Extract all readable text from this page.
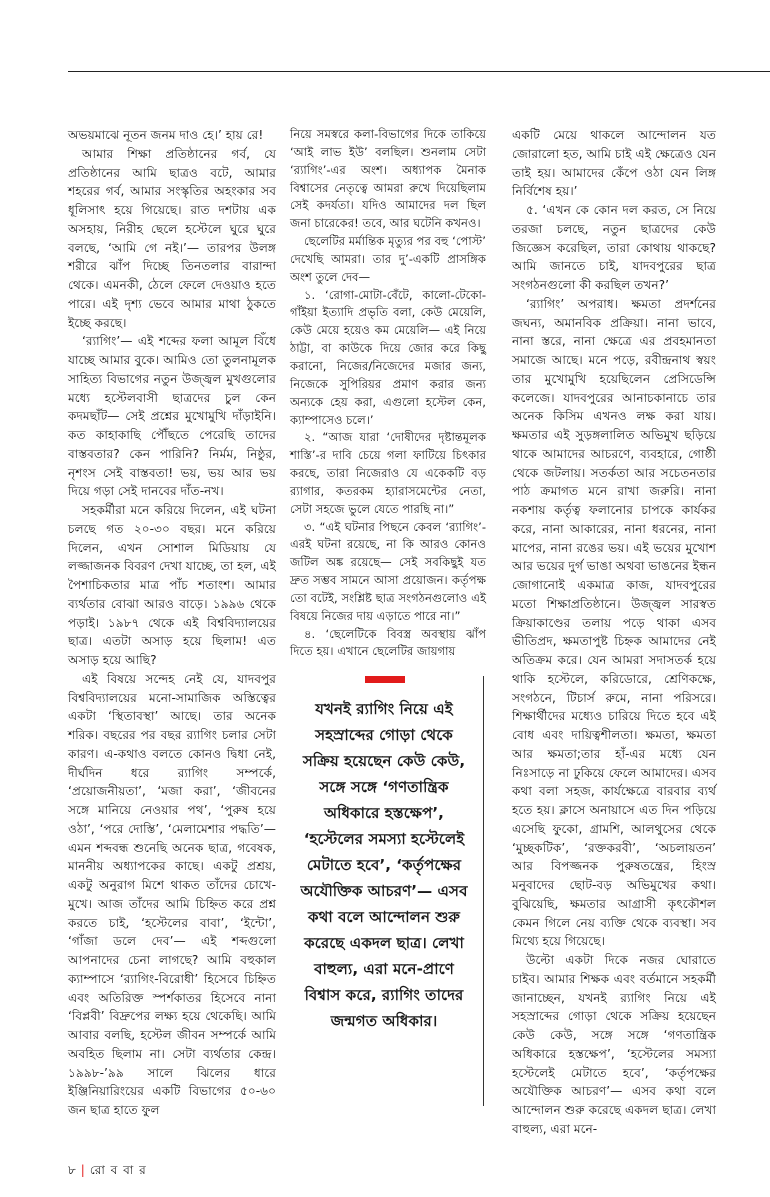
অভয়মাঝে নূতন জনম দাও হে।’ হায় রে!

আমার শিক্ষা প্রতিষ্ঠানের গর্ব, যে প্রতিষ্ঠানের আমি ছাত্রও বটে, আমার শহরের গর্ব, আমার সংস্কৃতির অহংকার সব ধূলিসাৎ হয়ে গিয়েছে। রাত দশটায় এক অসহায়, নিরীহ ছেলে হস্টেলে ঘুরে ঘুরে বলছে, ‘আমি গে নই।’— তারপর উলঙ্গ শরীরে ঝাঁপ দিচ্ছে তিনতলার বারান্দা থেকে। এমনকী, ঠেলে ফেলে দেওয়াও হতে পারে। এই দৃশ্য ভেবে আমার মাথা ঠুকতে ইচ্ছে করছে।

‘র‌্যাগিং’— এই শব্দের ফলা আমূল বিঁধে যাচ্ছে আমার বুকে। আমিও তো তুলনামূলক সাহিত্য বিভাগের নতুন উজ্জ্বল মুখগুলোর মধ্যে হস্টেলবাসী ছাত্রদের চুল কেন কদমছাঁট— সেই প্রশ্নের মুখোমুখি দাঁড়াইনি। কত কাহাকাছি পৌঁছতে পেরেছি তাদের বাস্তবতার? কেন পারিনি? নির্মম, নিষ্ঠুর, নৃশংস সেই বাস্তবতা! ভয়, ভয় আর ভয় দিয়ে গড়া সেই দানবের দাঁত-নখ।

সহকর্মীরা মনে করিয়ে দিলেন, এই ঘটনা চলছে গত ২০-৩০ বছর। মনে করিয়ে দিলেন, এখন সোশাল মিডিয়ায় যে লজ্জাজনক বিবরণ দেখা যাচ্ছে, তা হল, এই পৈশাচিকতার মাত্র পাঁচ শতাংশ। আমার ব্যর্থতার বোঝা আরও বাড়ে। ১৯৯৬ থেকে পড়াই। ১৯৮৭ থেকে এই বিশ্ববিদ্যালয়ের ছাত্র। এতটা অসাড় হয়ে ছিলাম! এত অসাড় হয়ে আছি?

এই বিষয়ে সন্দেহ নেই যে, যাদবপুর বিশ্ববিদ্যালয়ের মনো-সামাজিক অস্তিত্বের একটা ‘স্থিতাবস্থা’ আছে। তার অনেক শরিক। বছরের পর বছর র‌্যাগিং চলার সেটা কারণ। এ-কথাও বলতে কোনও দ্বিধা নেই, দীর্ঘদিন ধরে র‌্যাগিং সম্পর্কে, ‘প্রয়োজনীয়তা’, ‘মজা করা’, ‘জীবনের সঙ্গে মানিয়ে নেওয়ার পথ’, ‘পুরুষ হয়ে ওঠা’, ‘পরে দোস্তি’, ‘মেলামেশার পদ্ধতি’— এমন শব্দবন্ধ শুনেছি অনেক ছাত্র, গবেষক, মাননীয় অধ্যাপকের কাছে। একটু প্রশ্রয়, একটু অনুরাগ মিশে থাকত তাঁদের চোখে-মুখে। আজ তাঁদের আমি চিহ্নিত করে প্রশ্ন করতে চাই, ‘হস্টেলের বাবা’, ‘ইন্টো’, ‘গাঁজা ডলে দেব’— এই শব্দগুলো আপনাদের চেনা লাগছে? আমি বহুকাল ক্যাম্পাসে ‘র‌্যাগিং-বিরোধী’ হিসেবে চিহ্নিত এবং অতিরিক্ত স্পর্শকাতর হিসেবে নানা ‘বিপ্লবী’ বিদ্রুপের লক্ষ্য হয়ে থেকেছি। আমি আবার বলছি, হস্টেল জীবন সম্পর্কে আমি অবহিত ছিলাম না। সেটা ব্যর্থতার কেন্দ্র। ১৯৯৮-’৯৯ সালে ঝিলের ধারে ইঞ্জিনিয়ারিংয়ের একটি বিভাগের ৫০-৬০ জন ছাত্র হাতে ফুল

নিয়ে সমস্বরে কলা-বিভাগের দিকে তাকিয়ে ‘আই লাভ ইউ’ বলছিল। শুনলাম সেটা ‘র‌্যাগিং’-এর অংশ। অধ্যাপক মৈনাক বিশ্বাসের নেতৃত্বে আমরা রুখে দিয়েছিলাম সেই কদর্যতা। যদিও আমাদের দল ছিল জনা চারেকের! তবে, আর ঘটেনি কখনও।

ছেলেটির মর্মান্তিক মৃত্যুর পর বহু ‘পোস্ট’ দেখেছি আমরা। তার দু’-একটি প্রাসঙ্গিক অংশ তুলে দেব—

১. ‘রোগা-মোটা-বেঁটে, কালো-টেকো-গাঁইয়া ইত্যাদি প্রভৃতি বলা, কেউ মেয়েলি, কেউ মেয়ে হয়েও কম মেয়েলি— এই নিয়ে ঠাট্টা, বা কাউকে দিয়ে জোর করে কিছু করানো, নিজের/নিজেদের মজার জন্য, নিজেকে সুপিরিয়র প্রমাণ করার জন্য অন্যকে হেয় করা, এগুলো হস্টেল কেন, ক্যাম্পাসেও চলে।’

২. “আজ যারা ‘দোষীদের দৃষ্টান্তমূলক শাস্তি’-র দাবি চেয়ে গলা ফাটিয়ে চিৎকার করছে, তারা নিজেরাও যে একেকটি বড় র‌্যাগার, কতরকম হ্যারাসমেন্টের নেতা, সেটা সহজে ভুলে যেতে পারছি না।”

৩. “এই ঘটনার পিছনে কেবল ‘র‌্যাগিং’-এরই ঘটনা রয়েছে, না কি আরও কোনও জটিল অঙ্ক রয়েছে— সেই সবকিছুই যত দ্রুত সম্ভব সামনে আসা প্রয়োজন। কর্তৃপক্ষ তো বটেই, সংশ্লিষ্ট ছাত্র সংগঠনগুলোও এই বিষয়ে নিজের দায় এড়াতে পারে না।”

৪. ‘ছেলেটিকে বিবস্ত্র অবস্থায় ঝাঁপ দিতে হয়। এখানে ছেলেটির জায়গায়

যখনই র‌্যাগিং নিয়ে এই সহস্রাব্দের গোড়া থেকে সক্রিয় হয়েছেন কেউ কেউ, সঙ্গে সঙ্গে ‘গণতান্ত্রিক অধিকারে হস্তক্ষেপ’, ‘হস্টেলের সমস্যা হস্টেলেই মেটাতে হবে’, ‘কর্তৃপক্ষের অযৌক্তিক আচরণ’— এসব কথা বলে আন্দোলন শুরু করেছে একদল ছাত্র। লেখা বাহুল্য, এরা মনে-প্রাণে বিশ্বাস করে, র‌্যাগিং তাদের জন্মগত অধিকার।

একটি মেয়ে থাকলে আন্দোলন যত জোরালো হত, আমি চাই এই ক্ষেত্রেও যেন তাই হয়। আমাদের কেঁপে ওঠা যেন লিঙ্গ নির্বিশেষ হয়।’

৫. ‘এখন কে কোন দল করত, সে নিয়ে তরজা চলছে, নতুন ছাত্রদের কেউ জিজ্ঞেস করেছিল, তারা কোথায় থাকছে? আমি জানতে চাই, যাদবপুরের ছাত্র সংগঠনগুলো কী করছিল তখন?’

‘র‌্যাগিং’ অপরাধ। ক্ষমতা প্রদর্শনের জঘন্য, অমানবিক প্রক্রিয়া। নানা ভাবে, নানা স্তরে, নানা ক্ষেত্রে এর প্রবহমানতা সমাজে আছে। মনে পড়ে, রবীন্দ্রনাথ স্বয়ং তার মুখোমুখি হয়েছিলেন প্রেসিডেন্সি কলেজে। যাদবপুরের আনাচকানাচে তার অনেক কিসিম এখনও লক্ষ করা যায়। ক্ষমতার এই সুড়ঙ্গলালিত অভিমুখ ছড়িয়ে থাকে আমাদের আচরণে, ব্যবহারে, গোষ্ঠী থেকে জটলায়। সতর্কতা আর সচেতনতার পাঠ ক্রমাগত মনে রাখা জরুরি। নানা নকশায় কর্তৃত্ব ফলানোর চাপকে কার্যকর করে, নানা আকারের, নানা ধরনের, নানা মাপের, নানা রঙের ভয়। এই ভয়ের মুখোশ আর ভয়ের দুর্গ ভাঙা অথবা ভাঙনের ইন্ধন জোগানোই একমাত্র কাজ, যাদবপুরের মতো শিক্ষাপ্রতিষ্ঠানে। উজ্জ্বল সারস্বত ক্রিয়াকাণ্ডের তলায় পড়ে থাকা এসব ভীতিপ্রদ, ক্ষমতাপুষ্ট চিহ্নক আমাদের নেই অতিক্রম করে। যেন আমরা সদাসতর্ক হয়ে থাকি হস্টেলে, করিডোরে, শ্রেণিকক্ষে, সংগঠনে, টিচার্স রুমে, নানা পরিসরে। শিক্ষার্থীদের মধ্যেও চারিয়ে দিতে হবে এই বোধ এবং দায়িত্বশীলতা। ক্ষমতা, ক্ষমতা আর ক্ষমতা;তার হাঁ-এর মধ্যে যেন নিঃসাড়ে না ঢুকিয়ে ফেলে আমাদের। এসব কথা বলা সহজ, কার্যক্ষেত্রে বারবার ব্যর্থ হতে হয়। ক্লাসে অনায়াসে এত দিন পড়িয়ে এসেছি ফুকো, গ্রামশি, আলথুসের থেকে ‘মুচ্ছকটিক’, ‘রক্তকরবী’, ‘অচলায়তন’ আর বিপজ্জনক পুরুষতন্ত্রের, হিংস্র মনুবাদের ছোট-বড় অভিমুখের কথা। বুঝিয়েছি, ক্ষমতার আগ্রাসী কৃৎকৌশল কেমন গিলে নেয় ব্যক্তি থেকে ব্যবস্থা। সব মিথ্যে হয়ে গিয়েছে।

উল্টো একটা দিকে নজর ঘোরাতে চাইব। আমার শিক্ষক এবং বর্তমানে সহকর্মী জানাচ্ছেন, যখনই র‌্যাগিং নিয়ে এই সহস্রাব্দের গোড়া থেকে সক্রিয় হয়েছেন কেউ কেউ, সঙ্গে সঙ্গে ‘গণতান্ত্রিক অধিকারে হস্তক্ষেপ’, ‘হস্টেলের সমস্যা হস্টেলেই মেটাতে হবে’, ‘কর্তৃপক্ষের অযৌক্তিক আচরণ’— এসব কথা বলে আন্দোলন শুরু করেছে একদল ছাত্র। লেখা বাহুল্য, এরা মনে-

৮ | রো ব বা র
